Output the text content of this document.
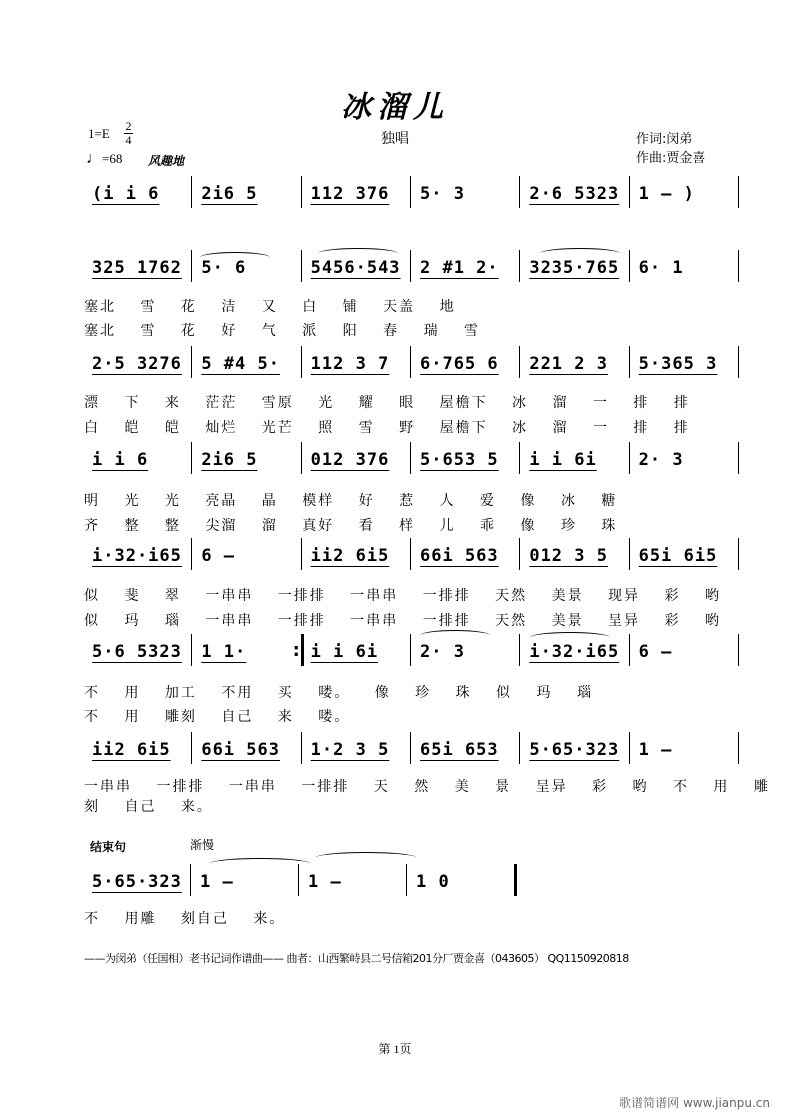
冰溜儿
独唱
1=E 2
4
♩=68 风趣地
作词:闵弟
作曲:贾金喜
(i i 6 2i6 5	112 376 5· 3	2·6 5323 1 – )
325 1762 5· 6	5456·543 2 #1 2· 3235·765 6· 1
2·5 3276 5 #4 5· 112 3 7 6·765 6 221 2 3 5·365 3
i i 6	2i6 5	012 376 5·653 5 i i 6i 2· 3
i·32·i65 6 –	ii2 6i5 66i 563 012 3 5 65i 6i5
5·6 5323 1 1·
:	i i 6i 2· 3	i·32·i65 6 –
ii2 6i5 66i 563 1·2 3 5 65i 653 5·65·323 1 –
5·65·323 1 –	1 –	1 0
塞北 雪 花 洁 又 白 铺 天盖 地
塞北 雪 花 好 气 派 阳 春 瑞 雪
漂 下 来 茫茫 雪原 光 耀 眼 屋檐下 冰 溜 一 排 排
白 皑 皑 灿烂 光芒 照 雪 野 屋檐下 冰 溜 一 排 排
明 光 光 亮晶 晶 模样 好 惹 人 爱 像 冰 糖
齐 整 整 尖溜 溜 真好 看 样 儿 乖 像 珍 珠
似 斐 翠 一串串 一排排 一串串 一排排 天然 美景 现异 彩 哟
似 玛 瑙 一串串 一排排 一串串 一排排 天然 美景 呈异 彩 哟
不 用 加工 不用 买 喽。 像 珍 珠 似 玛 瑙
不 用 雕刻 自己 来 喽。
一串串 一排排 一串串 一排排 天 然 美 景 呈异 彩 哟 不 用 雕 刻 自己 来。
不 用雕 刻自己 来。
结束句	渐慢
——为闵弟（任国相）老书记词作谱曲—— 曲者：山西繁峙县二号信箱201分厂贾金喜（043605） QQ1150920818
第 1页
歌谱简谱网 www.jianpu.cn
